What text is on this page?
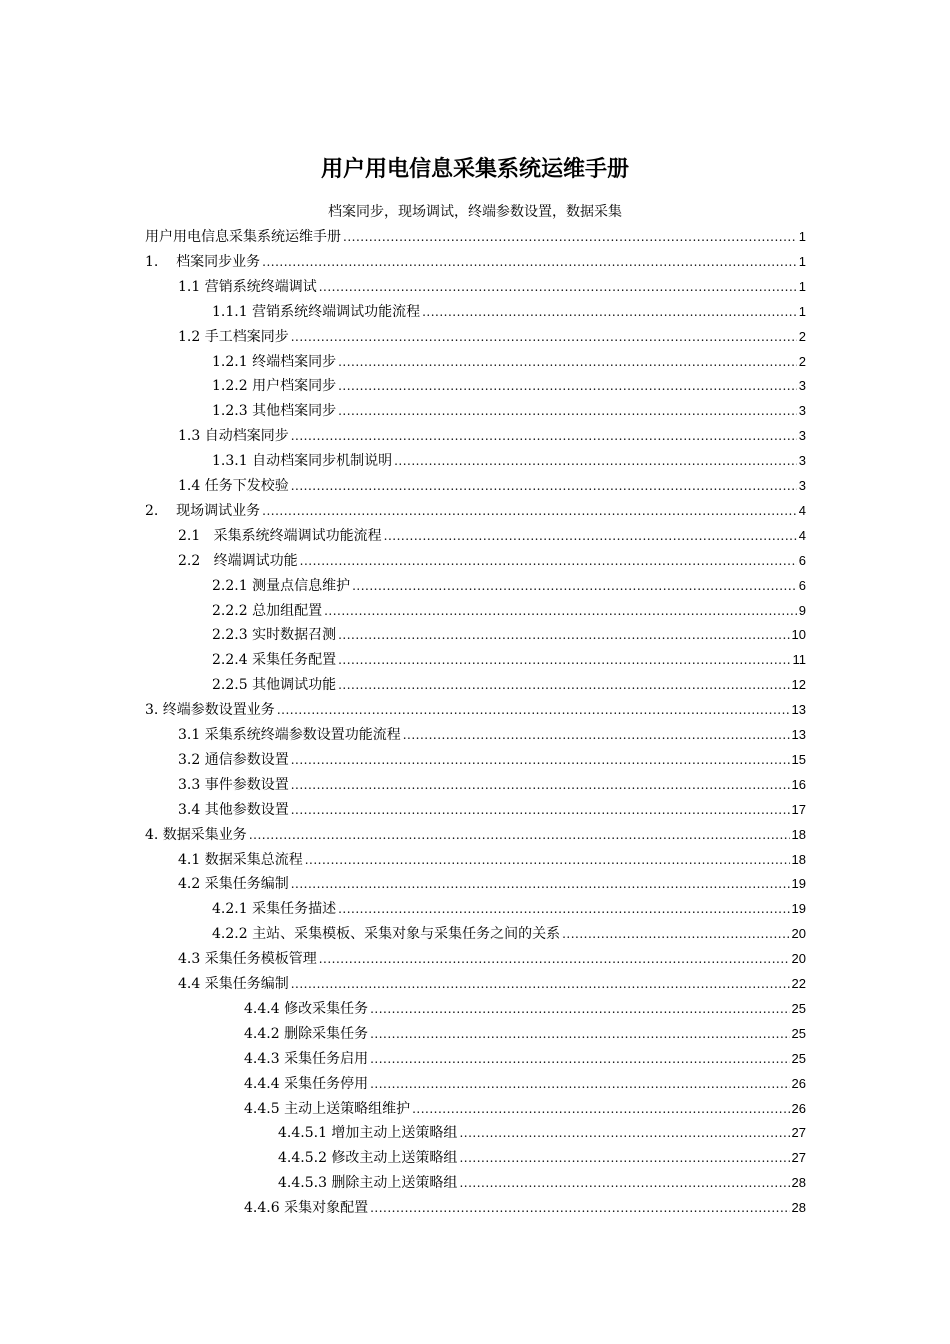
用户用电信息采集系统运维手册
档案同步，现场调试，终端参数设置，数据采集
用户用电信息采集系统运维手册 .....	1
1.    档案同步业务 .....	1
1.1 营销系统终端调试 .....	1
1.1.1 营销系统终端调试功能流程 .....	1
1.2 手工档案同步 .....	2
1.2.1 终端档案同步 .....	2
1.2.2 用户档案同步 .....	3
1.2.3 其他档案同步 .....	3
1.3 自动档案同步 .....	3
1.3.1 自动档案同步机制说明 .....	3
1.4 任务下发校验 .....	3
2.    现场调试业务 .....	4
2.1   采集系统终端调试功能流程 .....	4
2.2   终端调试功能 .....	6
2.2.1 测量点信息维护 .....	6
2.2.2 总加组配置 .....	9
2.2.3 实时数据召测 .....	10
2.2.4 采集任务配置 .....	11
2.2.5 其他调试功能 .....	12
3. 终端参数设置业务 .....	13
3.1 采集系统终端参数设置功能流程 .....	13
3.2 通信参数设置 .....	15
3.3 事件参数设置 .....	16
3.4 其他参数设置 .....	17
4. 数据采集业务 .....	18
4.1 数据采集总流程 .....	18
4.2 采集任务编制 .....	19
4.2.1 采集任务描述 .....	19
4.2.2 主站、采集模板、采集对象与采集任务之间的关系 .....	20
4.3 采集任务模板管理 .....	20
4.4 采集任务编制 .....	22
4.4.4 修改采集任务 .....	25
4.4.2 删除采集任务 .....	25
4.4.3 采集任务启用 .....	25
4.4.4 采集任务停用 .....	26
4.4.5 主动上送策略组维护 .....	26
4.4.5.1 增加主动上送策略组 .....	27
4.4.5.2 修改主动上送策略组 .....	27
4.4.5.3 删除主动上送策略组 .....	28
4.4.6 采集对象配置 .....	28
